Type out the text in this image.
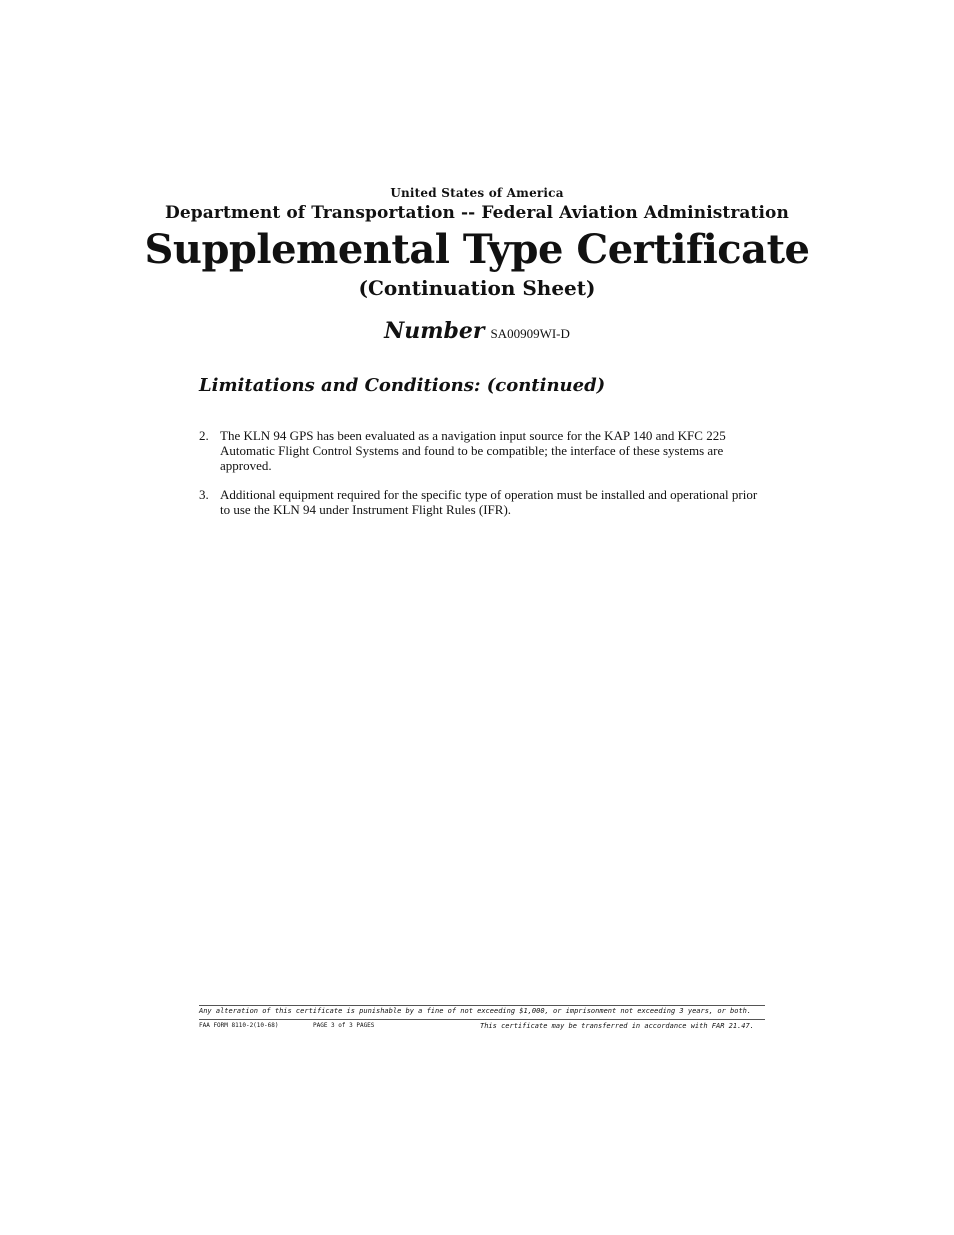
United States of America
Department of Transportation -- Federal Aviation Administration
Supplemental Type Certificate
(Continuation Sheet)
Number SA00909WI-D
Limitations and Conditions: (continued)
2. The KLN 94 GPS has been evaluated as a navigation input source for the KAP 140 and KFC 225 Automatic Flight Control Systems and found to be compatible; the interface of these systems are approved.
3. Additional equipment required for the specific type of operation must be installed and operational prior to use the KLN 94 under Instrument Flight Rules (IFR).
Any alteration of this certificate is punishable by a fine of not exceeding $1,000, or imprisonment not exceeding 3 years, or both.
FAA FORM 8110-2(10-68)	PAGE 3 of 3 PAGES	This certificate may be transferred in accordance with FAR 21.47.
